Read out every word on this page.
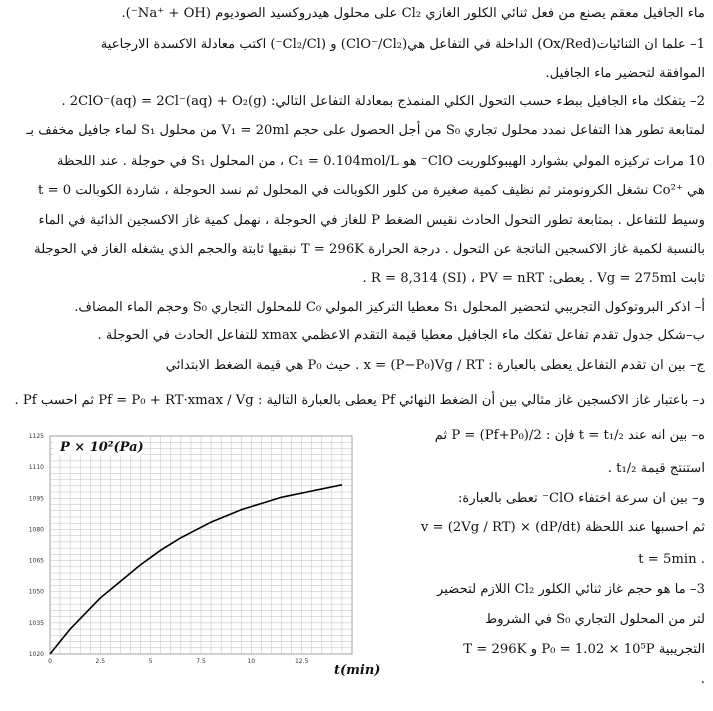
ماء الجافيل معقم يصنع من فعل ثنائي الكلور الغازي Cl₂ على محلول هيدروكسيد الصوديوم (Na⁺ + OH⁻).
1– علما ان الثنائيات(Ox/Red) الداخلة في التفاعل هي(ClO⁻/Cl₂) و (Cl₂/Cl⁻) اكتب معادلة الاكسدة الارجاعية
الموافقة لتحضير ماء الجافيل.
2– يتفكك ماء الجافيل ببطء حسب التحول الكلي المنمذج بمعادلة التفاعل التالي: 2ClO⁻(aq) = 2Cl⁻(aq) + O₂(g) .
لمتابعة تطور هذا التفاعل نمدد محلول تجاري S₀ من أجل الحصول على حجم V₁ = 20ml من محلول S₁ لماء جافيل مخفف بـ
10 مرات تركيزه المولي بشوارد الهيبوكلوريت ClO⁻ هو C₁ = 0.104mol/L ، من المحلول S₁ في حوجلة . عند اللحظة
t = 0 نشغل الكرونومتر ثم نظيف كمية صغيرة من كلور الكوبالت في المحلول ثم نسد الحوجلة ، شاردة الكوبالت Co²⁺ هي
وسيط للتفاعل . بمتابعة تطور التحول الحادث نقيس الضغط P للغاز في الحوجلة ، نهمل كمية غاز الاكسجين الذائبة في الماء
بالنسبة لكمية غاز الاكسجين الناتجة عن التحول . درجة الحرارة T = 296K نبقيها ثابتة والحجم الذي يشغله الغاز في الحوجلة
ثابت Vg = 275ml . يعطى: R = 8,314 (SI) ، PV = nRT .
أ– اذكر البروتوكول التجريبي لتحضير المحلول S₁ معطيا التركيز المولي C₀ للمحلول التجاري S₀ وحجم الماء المضاف.
ب–شكل جدول تقدم تفاعل تفكك ماء الجافيل معطيا قيمة التقدم الاعظمي xmax للتفاعل الحادث في الحوجلة .
ج– بين ان تقدم التفاعل يعطى بالعبارة : x = (P−P₀)Vg / RT . حيث P₀ هي قيمة الضغط الابتدائي
د– باعتبار غاز الاكسجين غاز مثالي بين أن الضغط النهائي Pf يعطى بالعبارة التالية : Pf = P₀ + RT·xmax / Vg ثم احسب Pf .
ه– بين انه عند t = t₁/₂ فإن : P = (Pf+P₀)/2 ثم
استنتج قيمة t₁/₂ .
و– بين ان سرعة اختفاء ClO⁻ تعطى بالعبارة:
v = (2Vg / RT) × (dP/dt) ثم احسبها عند اللحظة
t = 5min .
3– ما هو حجم غاز ثنائي الكلور Cl₂ اللازم لتحضير
لتر من المحلول التجاري S₀ في الشروط
التجريبية P₀ = 1.02 × 10⁵P و T = 296K
.
0	2.5	5	7.5	10	12.5
1020
1035
1050
1065
1080
1095
1110
1125
P × 10²(Pa)
t(min)
